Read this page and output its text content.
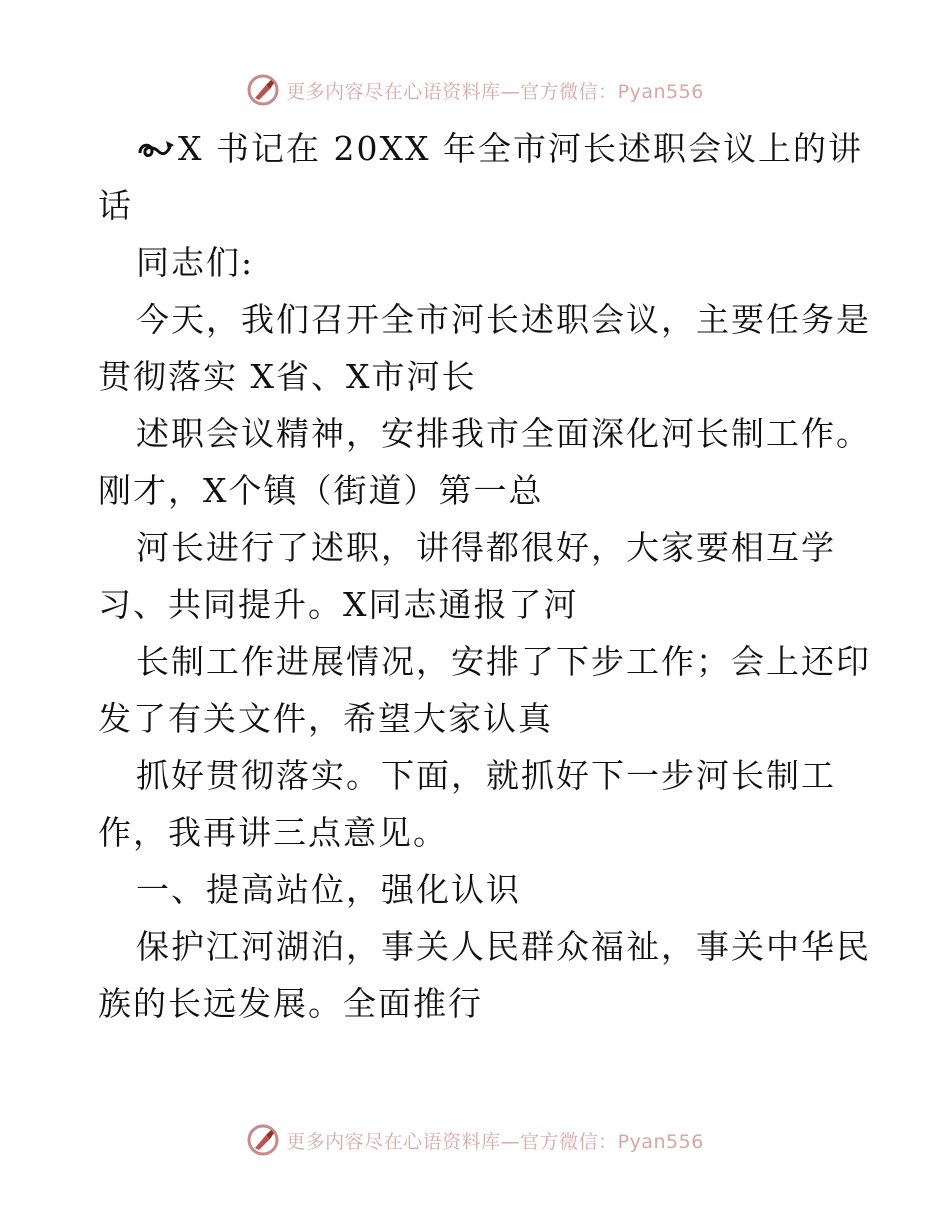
更多内容尽在心语资料库—官方微信：Pyan556
X 书记在 20XX 年全市河长述职会议上的讲
话
同志们:
今天，我们召开全市河长述职会议，主要任务是
贯彻落实 X省、X市河长
述职会议精神，安排我市全面深化河长制工作。
刚才，X个镇（街道）第一总
河长进行了述职，讲得都很好，大家要相互学
习、共同提升。X同志通报了河
长制工作进展情况，安排了下步工作；会上还印
发了有关文件，希望大家认真
抓好贯彻落实。下面，就抓好下一步河长制工
作，我再讲三点意见。
一、提高站位，强化认识
保护江河湖泊，事关人民群众福祉，事关中华民
族的长远发展。全面推行
更多内容尽在心语资料库—官方微信：Pyan556
